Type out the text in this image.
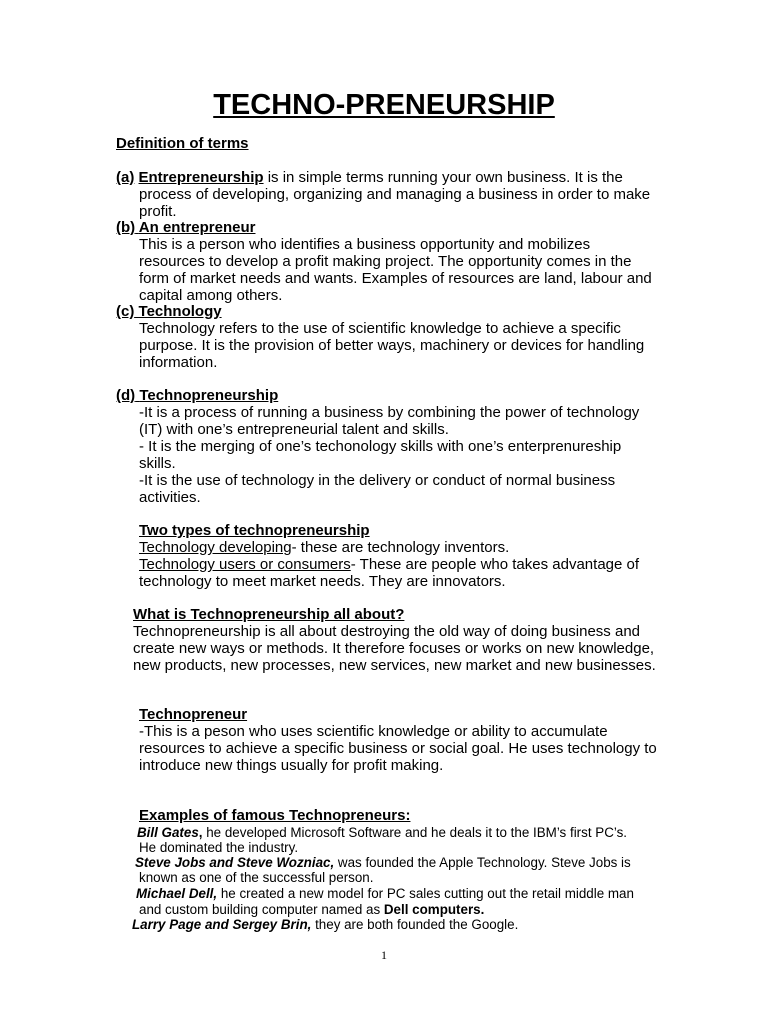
TECHNO-PRENEURSHIP
Definition of terms
(a) Entrepreneurship is in simple terms running your own business. It is the
process of developing, organizing and managing a business in order to make
profit.
(b) An entrepreneur
This is a person who identifies a business opportunity and mobilizes
resources to develop a profit making project. The opportunity comes in the
form of market needs and wants. Examples of resources are land, labour and
capital among others.
(c) Technology
Technology refers to the use of scientific knowledge to achieve a specific
purpose. It is the provision of better ways, machinery or devices for handling
information.
(d) Technopreneurship
-It is a process of running a business by combining the power of technology
(IT) with one’s entrepreneurial talent and skills.
- It is the merging of one’s techonology skills with one’s enterprenureship
skills.
-It is the use of technology in the delivery or conduct of normal business
activities.
Two types of technopreneurship
Technology developing- these are technology inventors.
Technology users or consumers- These are people who takes advantage of
technology to meet market needs. They are innovators.
What is Technopreneurship all about?
Technopreneurship is all about destroying the old way of doing business and
create new ways or methods. It therefore focuses or works on new knowledge,
new products, new processes, new services, new market and new businesses.
Technopreneur
-This is a peson who uses scientific knowledge or ability to accumulate
resources to achieve a specific business or social goal. He uses technology to
introduce new things usually for profit making.
Examples of famous Technopreneurs:
Bill Gates, he developed Microsoft Software and he deals it to the IBM’s first PC’s.
He dominated the industry.
Steve Jobs and Steve Wozniac, was founded the Apple Technology. Steve Jobs is
known as one of the successful person.
Michael Dell, he created a new model for PC sales cutting out the retail middle man
and custom building computer named as Dell computers.
Larry Page and Sergey Brin, they are both founded the Google.
1
